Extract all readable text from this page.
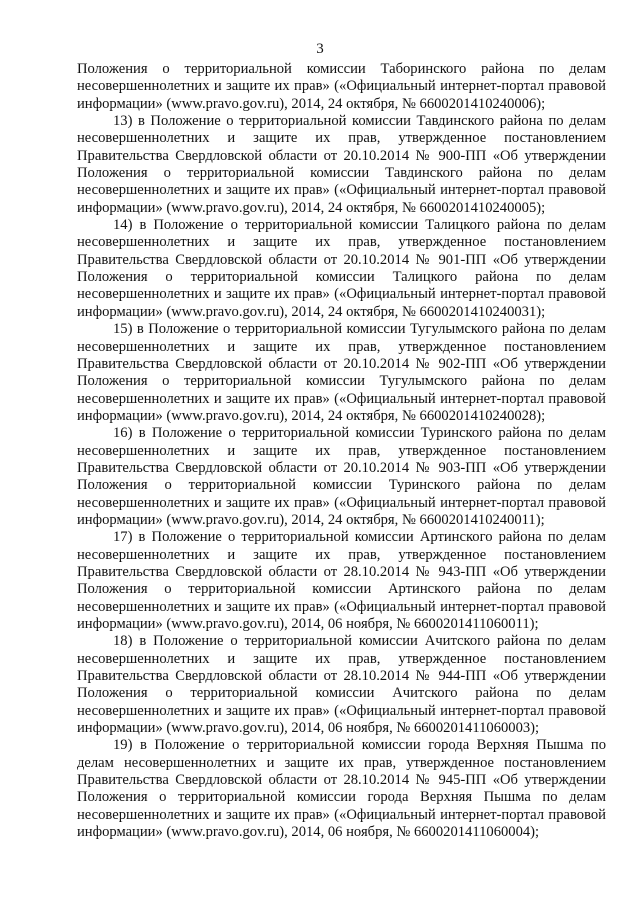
3

Положения о территориальной комиссии Таборинского района по делам несовершеннолетних и защите их прав» («Официальный интернет-портал правовой информации» (www.pravo.gov.ru), 2014, 24 октября, № 6600201410240006);

13) в Положение о территориальной комиссии Тавдинского района по делам несовершеннолетних и защите их прав, утвержденное постановлением Правительства Свердловской области от 20.10.2014 № 900-ПП «Об утверждении Положения о территориальной комиссии Тавдинского района по делам несовершеннолетних и защите их прав» («Официальный интернет-портал правовой информации» (www.pravo.gov.ru), 2014, 24 октября, № 6600201410240005);

14) в Положение о территориальной комиссии Талицкого района по делам несовершеннолетних и защите их прав, утвержденное постановлением Правительства Свердловской области от 20.10.2014 № 901-ПП «Об утверждении Положения о территориальной комиссии Талицкого района по делам несовершеннолетних и защите их прав» («Официальный интернет-портал правовой информации» (www.pravo.gov.ru), 2014, 24 октября, № 6600201410240031);

15) в Положение о территориальной комиссии Тугулымского района по делам несовершеннолетних и защите их прав, утвержденное постановлением Правительства Свердловской области от 20.10.2014 № 902-ПП «Об утверждении Положения о территориальной комиссии Тугулымского района по делам несовершеннолетних и защите их прав» («Официальный интернет-портал правовой информации» (www.pravo.gov.ru), 2014, 24 октября, № 6600201410240028);

16) в Положение о территориальной комиссии Туринского района по делам несовершеннолетних и защите их прав, утвержденное постановлением Правительства Свердловской области от 20.10.2014 № 903-ПП «Об утверждении Положения о территориальной комиссии Туринского района по делам несовершеннолетних и защите их прав» («Официальный интернет-портал правовой информации» (www.pravo.gov.ru), 2014, 24 октября, № 6600201410240011);

17) в Положение о территориальной комиссии Артинского района по делам несовершеннолетних и защите их прав, утвержденное постановлением Правительства Свердловской области от 28.10.2014 № 943-ПП «Об утверждении Положения о территориальной комиссии Артинского района по делам несовершеннолетних и защите их прав» («Официальный интернет-портал правовой информации» (www.pravo.gov.ru), 2014, 06 ноября, № 6600201411060011);

18) в Положение о территориальной комиссии Ачитского района по делам несовершеннолетних и защите их прав, утвержденное постановлением Правительства Свердловской области от 28.10.2014 № 944-ПП «Об утверждении Положения о территориальной комиссии Ачитского района по делам несовершеннолетних и защите их прав» («Официальный интернет-портал правовой информации» (www.pravo.gov.ru), 2014, 06 ноября, № 6600201411060003);

19) в Положение о территориальной комиссии города Верхняя Пышма по делам несовершеннолетних и защите их прав, утвержденное постановлением Правительства Свердловской области от 28.10.2014 № 945-ПП «Об утверждении Положения о территориальной комиссии города Верхняя Пышма по делам несовершеннолетних и защите их прав» («Официальный интернет-портал правовой информации» (www.pravo.gov.ru), 2014, 06 ноября, № 6600201411060004);
